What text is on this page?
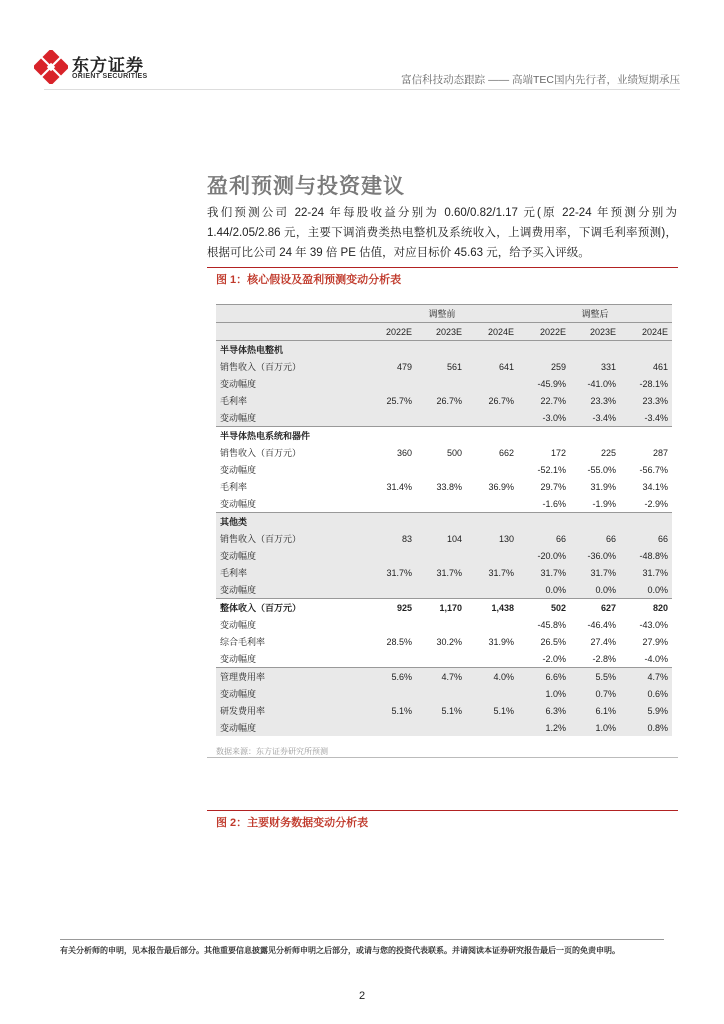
东方证券
ORIENT SECURITIES	富信科技动态跟踪 —— 高端TEC国内先行者，业绩短期承压
盈利预测与投资建议
我们预测公司 22-24 年每股收益分别为 0.60/0.82/1.17 元(原 22-24 年预测分别为 1.44/2.05/2.86 元，主要下调消费类热电整机及系统收入，上调费用率，下调毛利率预测)，根据可比公司 24 年 39 倍 PE 估值，对应目标价 45.63 元，给予买入评级。
图 1：核心假设及盈利预测变动分析表
	调整前			调整后		
	2022E	2023E	2024E	2022E	2023E	2024E
半导体热电整机						
销售收入（百万元）	479	561	641	259	331	461
变动幅度				-45.9%	-41.0%	-28.1%
毛利率	25.7%	26.7%	26.7%	22.7%	23.3%	23.3%
变动幅度				-3.0%	-3.4%	-3.4%
半导体热电系统和器件						
销售收入（百万元）	360	500	662	172	225	287
变动幅度				-52.1%	-55.0%	-56.7%
毛利率	31.4%	33.8%	36.9%	29.7%	31.9%	34.1%
变动幅度				-1.6%	-1.9%	-2.9%
其他类						
销售收入（百万元）	83	104	130	66	66	66
变动幅度				-20.0%	-36.0%	-48.8%
毛利率	31.7%	31.7%	31.7%	31.7%	31.7%	31.7%
变动幅度				0.0%	0.0%	0.0%
整体收入（百万元）	925	1,170	1,438	502	627	820
变动幅度				-45.8%	-46.4%	-43.0%
综合毛利率	28.5%	30.2%	31.9%	26.5%	27.4%	27.9%
变动幅度				-2.0%	-2.8%	-4.0%
管理费用率	5.6%	4.7%	4.0%	6.6%	5.5%	4.7%
变动幅度				1.0%	0.7%	0.6%
研发费用率	5.1%	5.1%	5.1%	6.3%	6.1%	5.9%
变动幅度				1.2%	1.0%	0.8%
数据来源：东方证券研究所预测
图 2：主要财务数据变动分析表
有关分析师的申明，见本报告最后部分。其他重要信息披露见分析师申明之后部分，或请与您的投资代表联系。并请阅读本证券研究报告最后一页的免责申明。
2
